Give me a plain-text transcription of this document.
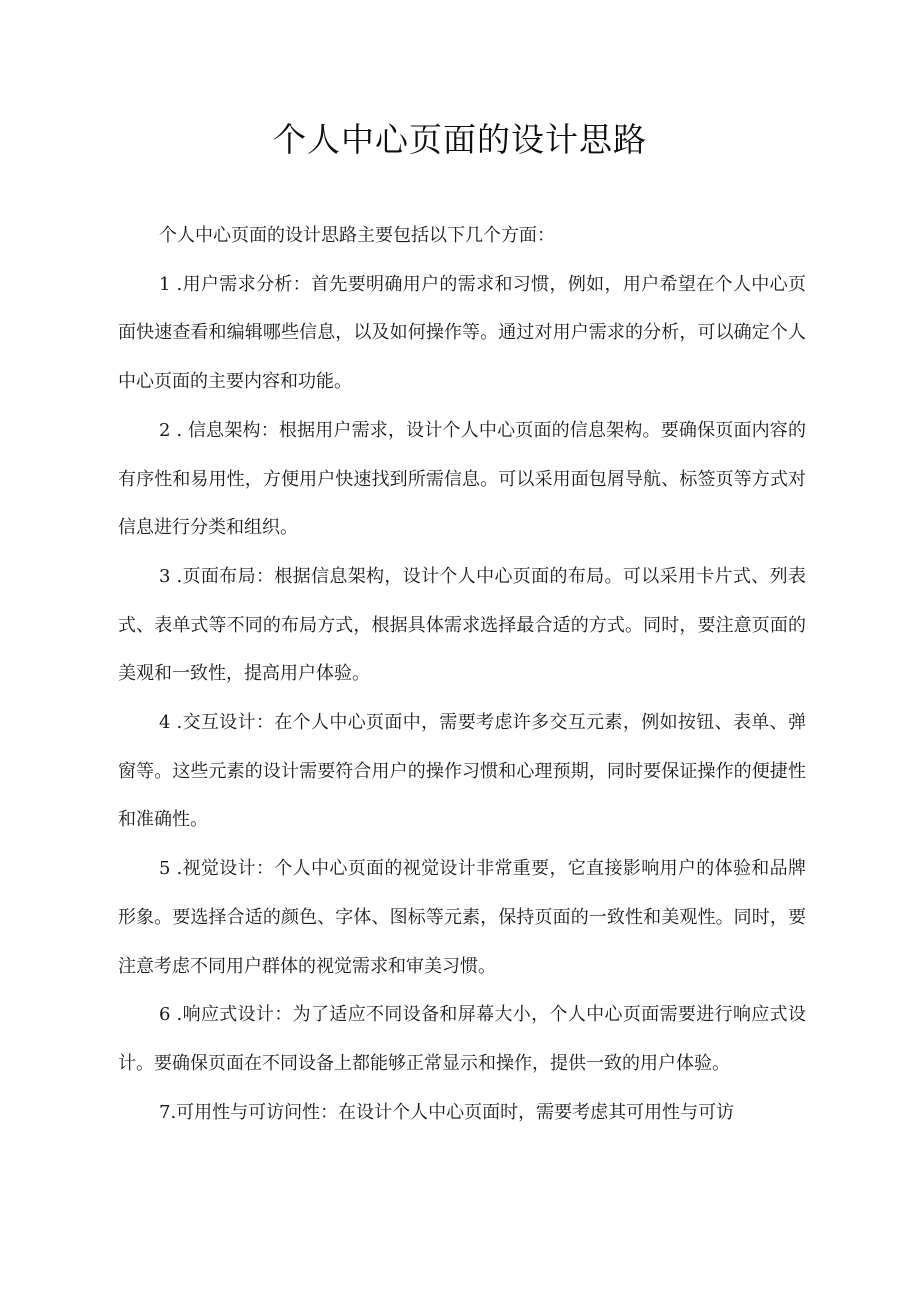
个人中心页面的设计思路

个人中心页面的设计思路主要包括以下几个方面：

1 .用户需求分析：首先要明确用户的需求和习惯，例如，用户希望在个人中心页面快速查看和编辑哪些信息，以及如何操作等。通过对用户需求的分析，可以确定个人中心页面的主要内容和功能。

2 . 信息架构：根据用户需求，设计个人中心页面的信息架构。要确保页面内容的有序性和易用性，方便用户快速找到所需信息。可以采用面包屑导航、标签页等方式对信息进行分类和组织。

3 .页面布局：根据信息架构，设计个人中心页面的布局。可以采用卡片式、列表式、表单式等不同的布局方式，根据具体需求选择最合适的方式。同时，要注意页面的美观和一致性，提高用户体验。

4 .交互设计：在个人中心页面中，需要考虑许多交互元素，例如按钮、表单、弹窗等。这些元素的设计需要符合用户的操作习惯和心理预期，同时要保证操作的便捷性和准确性。

5 .视觉设计：个人中心页面的视觉设计非常重要，它直接影响用户的体验和品牌形象。要选择合适的颜色、字体、图标等元素，保持页面的一致性和美观性。同时，要注意考虑不同用户群体的视觉需求和审美习惯。

6 .响应式设计：为了适应不同设备和屏幕大小，个人中心页面需要进行响应式设计。要确保页面在不同设备上都能够正常显示和操作，提供一致的用户体验。

7.可用性与可访问性：在设计个人中心页面时，需要考虑其可用性与可访
